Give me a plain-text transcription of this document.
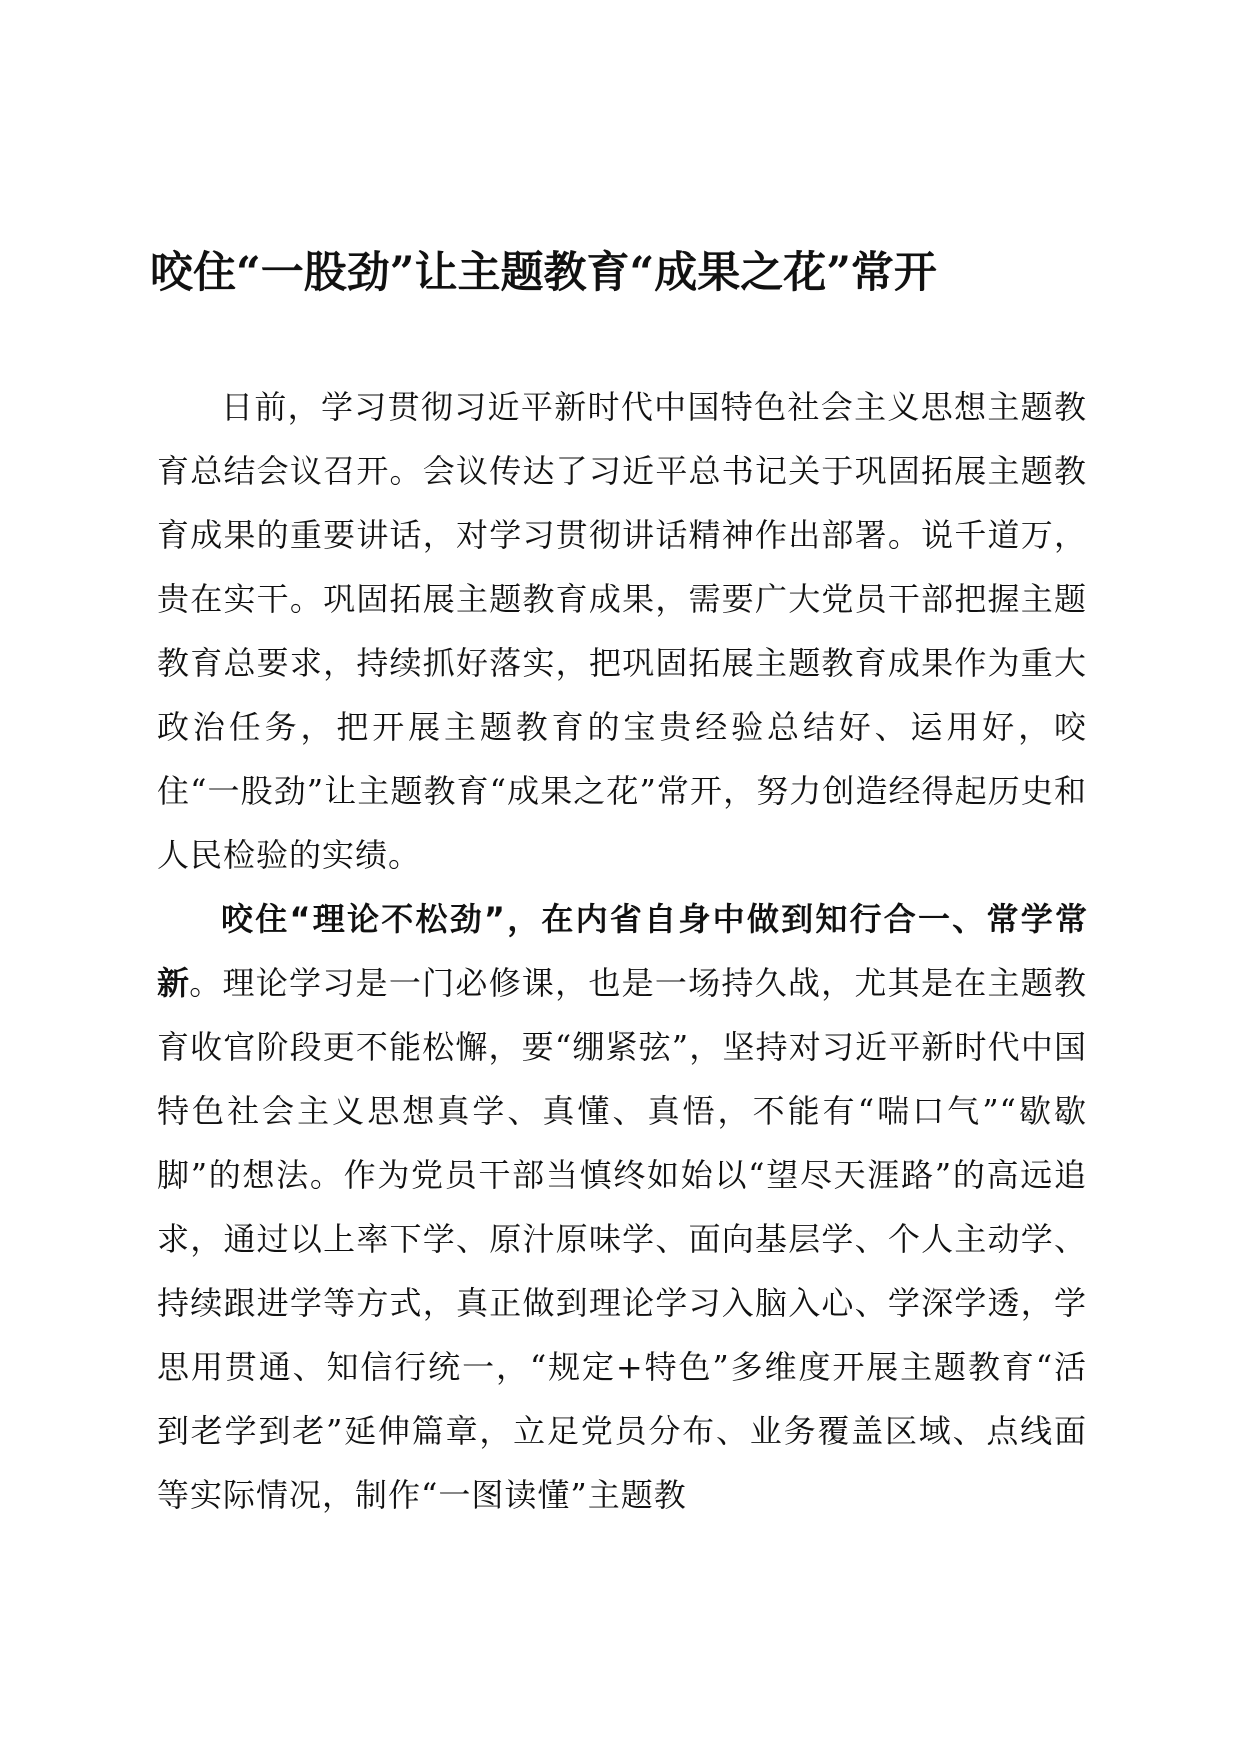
咬住“一股劲”让主题教育“成果之花”常开

日前，学习贯彻习近平新时代中国特色社会主义思想主题教育总结会议召开。会议传达了习近平总书记关于巩固拓展主题教育成果的重要讲话，对学习贯彻讲话精神作出部署。说千道万，贵在实干。巩固拓展主题教育成果，需要广大党员干部把握主题教育总要求，持续抓好落实，把巩固拓展主题教育成果作为重大政治任务，把开展主题教育的宝贵经验总结好、运用好，咬住“一股劲”让主题教育“成果之花”常开，努力创造经得起历史和人民检验的实绩。

咬住“理论不松劲”，在内省自身中做到知行合一、常学常新。理论学习是一门必修课，也是一场持久战，尤其是在主题教育收官阶段更不能松懈，要“绷紧弦”，坚持对习近平新时代中国特色社会主义思想真学、真懂、真悟，不能有“喘口气”“歇歇脚”的想法。作为党员干部当慎终如始以“望尽天涯路”的高远追求，通过以上率下学、原汁原味学、面向基层学、个人主动学、持续跟进学等方式，真正做到理论学习入脑入心、学深学透，学思用贯通、知信行统一，“规定+特色”多维度开展主题教育“活到老学到老”延伸篇章，立足党员分布、业务覆盖区域、点线面等实际情况，制作“一图读懂”主题教
